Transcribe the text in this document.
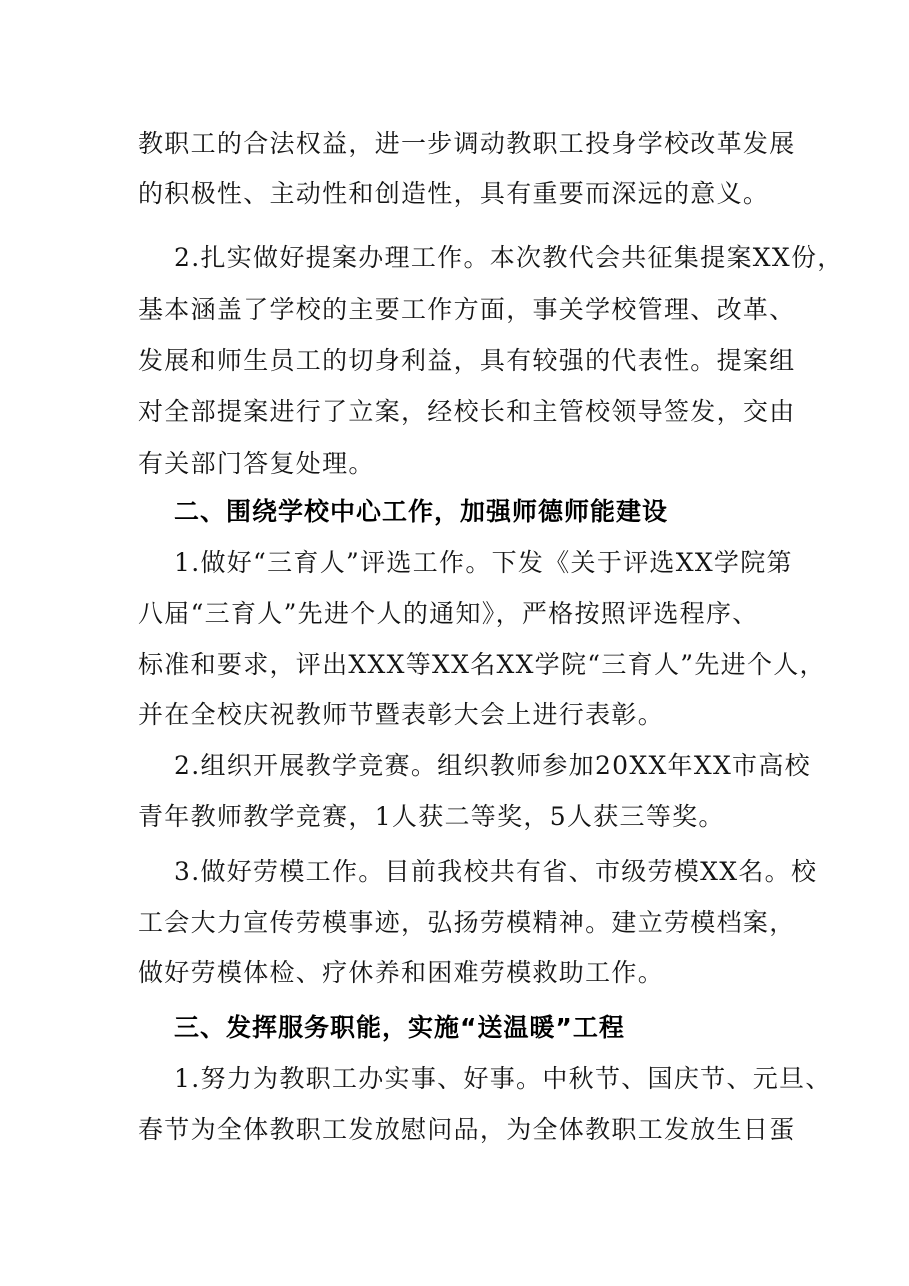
教职工的合法权益，进一步调动教职工投身学校改革发展
的积极性、主动性和创造性，具有重要而深远的意义。
2.扎实做好提案办理工作。本次教代会共征集提案XX份，
基本涵盖了学校的主要工作方面，事关学校管理、改革、
发展和师生员工的切身利益，具有较强的代表性。提案组
对全部提案进行了立案，经校长和主管校领导签发，交由
有关部门答复处理。
二、围绕学校中心工作，加强师德师能建设
1.做好“三育人”评选工作。下发《关于评选XX学院第
八届“三育人”先进个人的通知》，严格按照评选程序、
标准和要求，评出XXX等XX名XX学院“三育人”先进个人，
并在全校庆祝教师节暨表彰大会上进行表彰。
2.组织开展教学竞赛。组织教师参加20XX年XX市高校
青年教师教学竞赛，1人获二等奖，5人获三等奖。
3.做好劳模工作。目前我校共有省、市级劳模XX名。校
工会大力宣传劳模事迹，弘扬劳模精神。建立劳模档案，
做好劳模体检、疗休养和困难劳模救助工作。
三、发挥服务职能，实施“送温暖”工程
1.努力为教职工办实事、好事。中秋节、国庆节、元旦、
春节为全体教职工发放慰问品，为全体教职工发放生日蛋
